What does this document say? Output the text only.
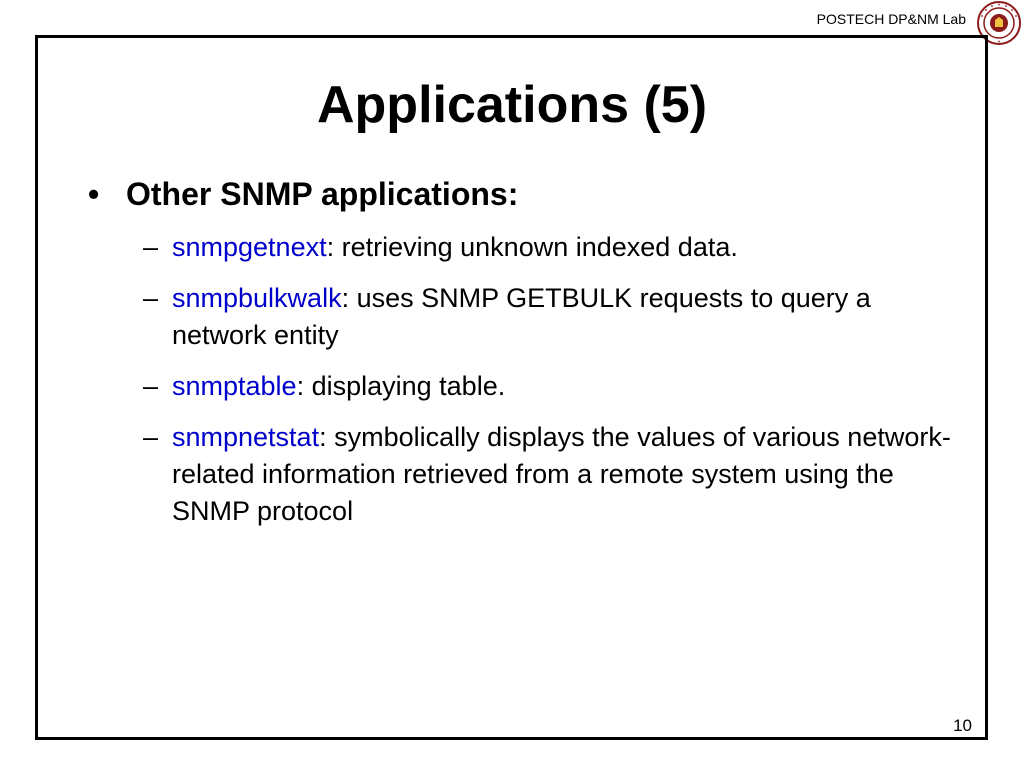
POSTECH DP&NM Lab
Applications (5)
• Other SNMP applications:
– snmpgetnext: retrieving unknown indexed data.
– snmpbulkwalk: uses SNMP GETBULK requests to query a network entity
– snmptable: displaying table.
– snmpnetstat: symbolically displays the values of various network-related information retrieved from a remote system using the SNMP protocol
10
